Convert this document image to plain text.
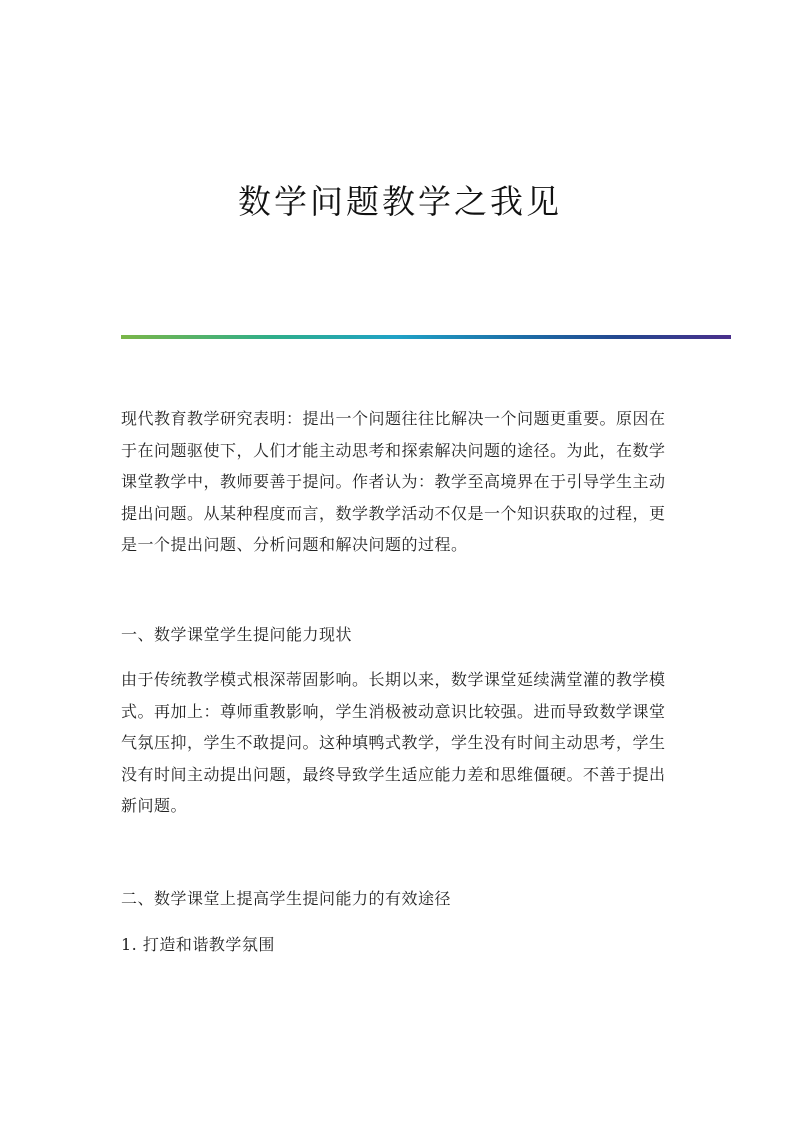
数学问题教学之我见

现代教育教学研究表明：提出一个问题往往比解决一个问题更重要。原因在于在问题驱使下，人们才能主动思考和探索解决问题的途径。为此，在数学课堂教学中，教师要善于提问。作者认为：教学至高境界在于引导学生主动提出问题。从某种程度而言，数学教学活动不仅是一个知识获取的过程，更是一个提出问题、分析问题和解决问题的过程。

一、数学课堂学生提问能力现状

由于传统教学模式根深蒂固影响。长期以来，数学课堂延续满堂灌的教学模式。再加上：尊师重教影响，学生消极被动意识比较强。进而导致数学课堂气氛压抑，学生不敢提问。这种填鸭式教学，学生没有时间主动思考，学生没有时间主动提出问题，最终导致学生适应能力差和思维僵硬。不善于提出新问题。

二、数学课堂上提高学生提问能力的有效途径

1. 打造和谐教学氛围
